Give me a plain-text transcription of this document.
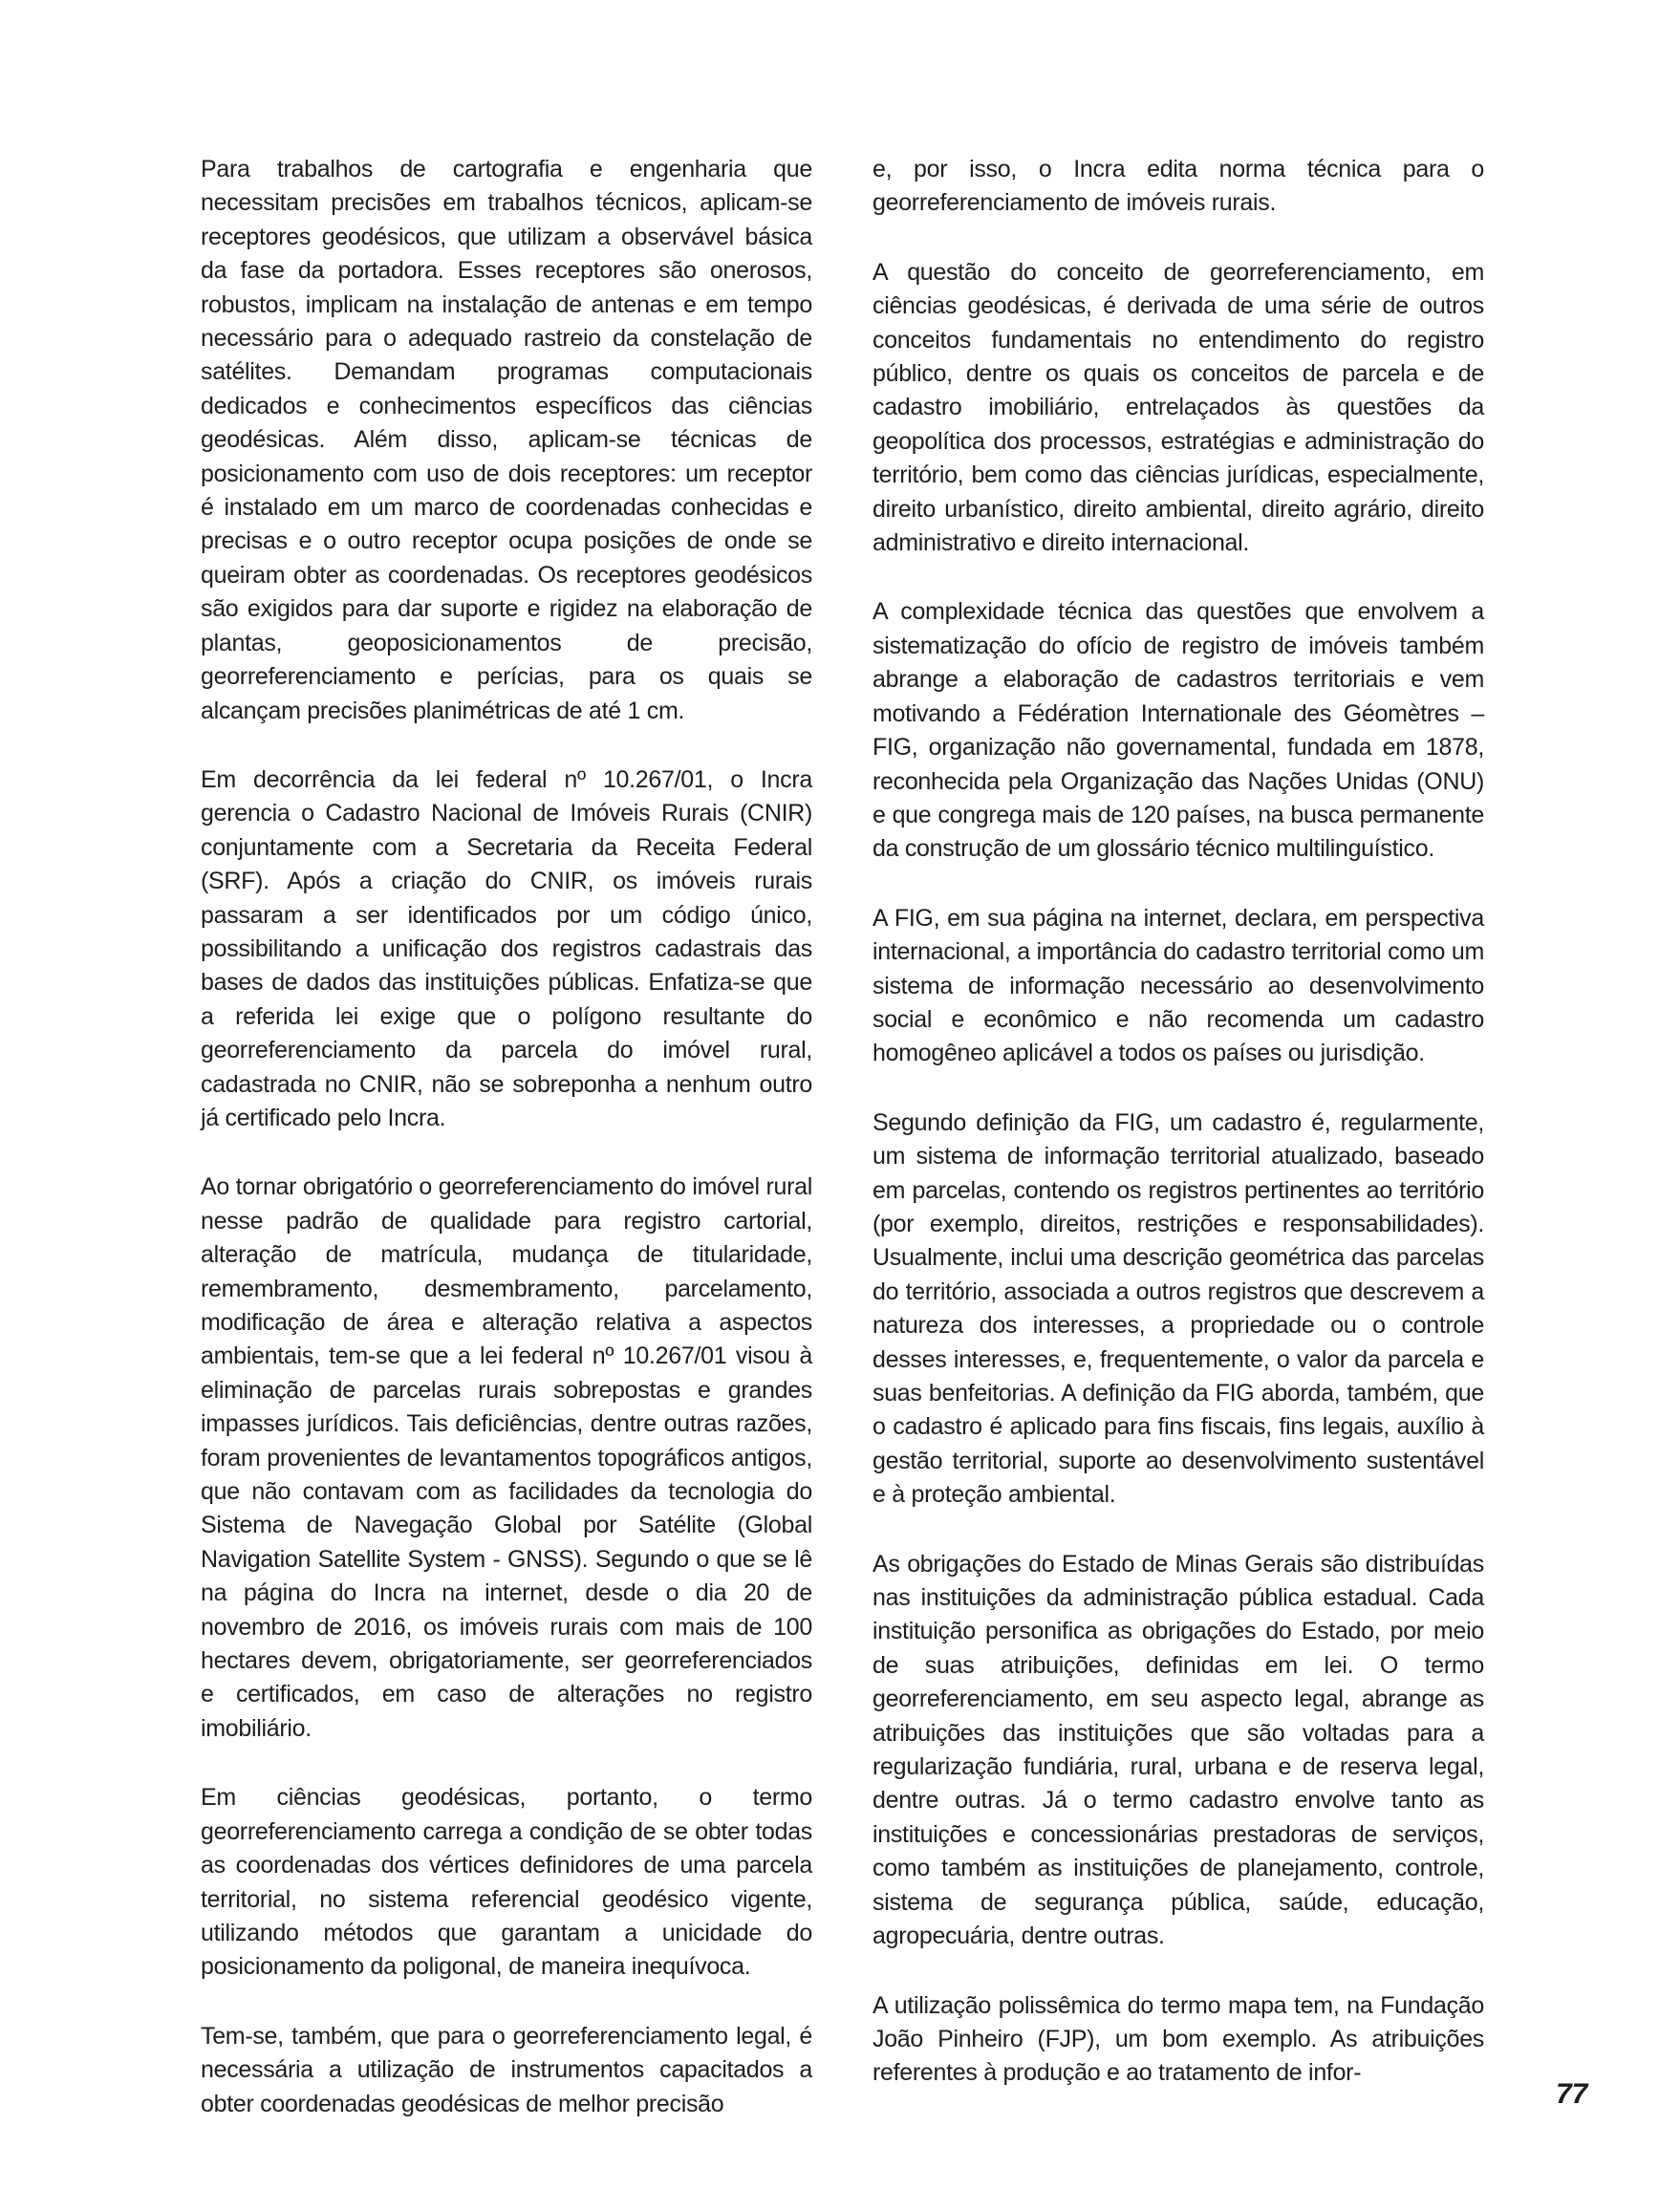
Para trabalhos de cartografia e engenharia que necessitam precisões em trabalhos técnicos, aplicam-se receptores geodésicos, que utilizam a observável básica da fase da portadora. Esses receptores são onerosos, robustos, implicam na instalação de antenas e em tempo necessário para o adequado rastreio da constelação de satélites. Demandam programas computacionais dedicados e conhecimentos específicos das ciências geodésicas. Além disso, aplicam-se técnicas de posicionamento com uso de dois receptores: um receptor é instalado em um marco de coordenadas conhecidas e precisas e o outro receptor ocupa posições de onde se queiram obter as coordenadas. Os receptores geodésicos são exigidos para dar suporte e rigidez na elaboração de plantas, geoposicionamentos de precisão, georreferenciamento e perícias, para os quais se alcançam precisões planimétricas de até 1 cm.

Em decorrência da lei federal nº 10.267/01, o Incra gerencia o Cadastro Nacional de Imóveis Rurais (CNIR) conjuntamente com a Secretaria da Receita Federal (SRF). Após a criação do CNIR, os imóveis rurais passaram a ser identificados por um código único, possibilitando a unificação dos registros cadastrais das bases de dados das instituições públicas. Enfatiza-se que a referida lei exige que o polígono resultante do georreferenciamento da parcela do imóvel rural, cadastrada no CNIR, não se sobreponha a nenhum outro já certificado pelo Incra.

Ao tornar obrigatório o georreferenciamento do imóvel rural nesse padrão de qualidade para registro cartorial, alteração de matrícula, mudança de titularidade, remembramento, desmembramento, parcelamento, modificação de área e alteração relativa a aspectos ambientais, tem-se que a lei federal nº 10.267/01 visou à eliminação de parcelas rurais sobrepostas e grandes impasses jurídicos. Tais deficiências, dentre outras razões, foram provenientes de levantamentos topográficos antigos, que não contavam com as facilidades da tecnologia do Sistema de Navegação Global por Satélite (Global Navigation Satellite System - GNSS). Segundo o que se lê na página do Incra na internet, desde o dia 20 de novembro de 2016, os imóveis rurais com mais de 100 hectares devem, obrigatoriamente, ser georreferenciados e certificados, em caso de alterações no registro imobiliário.

Em ciências geodésicas, portanto, o termo georreferenciamento carrega a condição de se obter todas as coordenadas dos vértices definidores de uma parcela territorial, no sistema referencial geodésico vigente, utilizando métodos que garantam a unicidade do posicionamento da poligonal, de maneira inequívoca.

Tem-se, também, que para o georreferenciamento legal, é necessária a utilização de instrumentos capacitados a obter coordenadas geodésicas de melhor precisão

e, por isso, o Incra edita norma técnica para o georreferenciamento de imóveis rurais.

A questão do conceito de georreferenciamento, em ciências geodésicas, é derivada de uma série de outros conceitos fundamentais no entendimento do registro público, dentre os quais os conceitos de parcela e de cadastro imobiliário, entrelaçados às questões da geopolítica dos processos, estratégias e administração do território, bem como das ciências jurídicas, especialmente, direito urbanístico, direito ambiental, direito agrário, direito administrativo e direito internacional.

A complexidade técnica das questões que envolvem a sistematização do ofício de registro de imóveis também abrange a elaboração de cadastros territoriais e vem motivando a Fédération Internationale des Géomètres – FIG, organização não governamental, fundada em 1878, reconhecida pela Organização das Nações Unidas (ONU) e que congrega mais de 120 países, na busca permanente da construção de um glossário técnico multilinguístico.

A FIG, em sua página na internet, declara, em perspectiva internacional, a importância do cadastro territorial como um sistema de informação necessário ao desenvolvimento social e econômico e não recomenda um cadastro homogêneo aplicável a todos os países ou jurisdição.

Segundo definição da FIG, um cadastro é, regularmente, um sistema de informação territorial atualizado, baseado em parcelas, contendo os registros pertinentes ao território (por exemplo, direitos, restrições e responsabilidades). Usualmente, inclui uma descrição geométrica das parcelas do território, associada a outros registros que descrevem a natureza dos interesses, a propriedade ou o controle desses interesses, e, frequentemente, o valor da parcela e suas benfeitorias. A definição da FIG aborda, também, que o cadastro é aplicado para fins fiscais, fins legais, auxílio à gestão territorial, suporte ao desenvolvimento sustentável e à proteção ambiental.

As obrigações do Estado de Minas Gerais são distribuídas nas instituições da administração pública estadual. Cada instituição personifica as obrigações do Estado, por meio de suas atribuições, definidas em lei. O termo georreferenciamento, em seu aspecto legal, abrange as atribuições das instituições que são voltadas para a regularização fundiária, rural, urbana e de reserva legal, dentre outras. Já o termo cadastro envolve tanto as instituições e concessionárias prestadoras de serviços, como também as instituições de planejamento, controle, sistema de segurança pública, saúde, educação, agropecuária, dentre outras.

A utilização polissêmica do termo mapa tem, na Fundação João Pinheiro (FJP), um bom exemplo. As atribuições referentes à produção e ao tratamento de infor-

77
